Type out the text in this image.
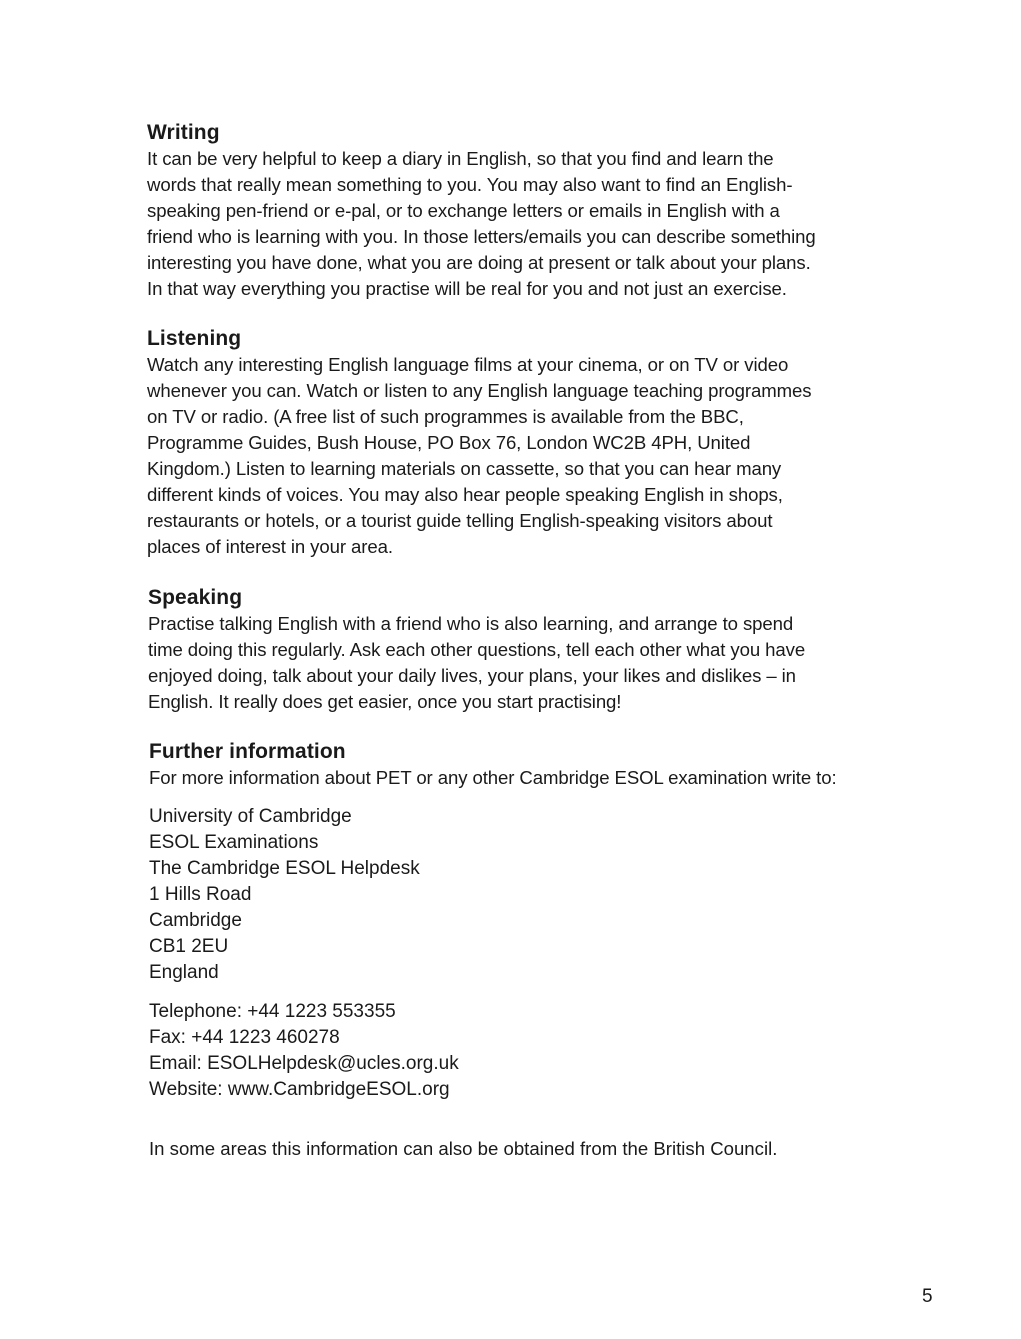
Writing

It can be very helpful to keep a diary in English, so that you find and learn the
words that really mean something to you. You may also want to find an English-
speaking pen-friend or e-pal, or to exchange letters or emails in English with a
friend who is learning with you. In those letters/emails you can describe something
interesting you have done, what you are doing at present or talk about your plans.
In that way everything you practise will be real for you and not just an exercise.

Listening

Watch any interesting English language films at your cinema, or on TV or video
whenever you can. Watch or listen to any English language teaching programmes
on TV or radio. (A free list of such programmes is available from the BBC,
Programme Guides, Bush House, PO Box 76, London WC2B 4PH, United
Kingdom.) Listen to learning materials on cassette, so that you can hear many
different kinds of voices. You may also hear people speaking English in shops,
restaurants or hotels, or a tourist guide telling English-speaking visitors about
places of interest in your area.

Speaking

Practise talking English with a friend who is also learning, and arrange to spend
time doing this regularly. Ask each other questions, tell each other what you have
enjoyed doing, talk about your daily lives, your plans, your likes and dislikes – in
English. It really does get easier, once you start practising!

Further information

For more information about PET or any other Cambridge ESOL examination write to:

University of Cambridge
ESOL Examinations
The Cambridge ESOL Helpdesk
1 Hills Road
Cambridge
CB1 2EU
England
Telephone: +44 1223 553355
Fax: +44 1223 460278
Email: ESOLHelpdesk@ucles.org.uk
Website: www.CambridgeESOL.org

In some areas this information can also be obtained from the British Council.

5
